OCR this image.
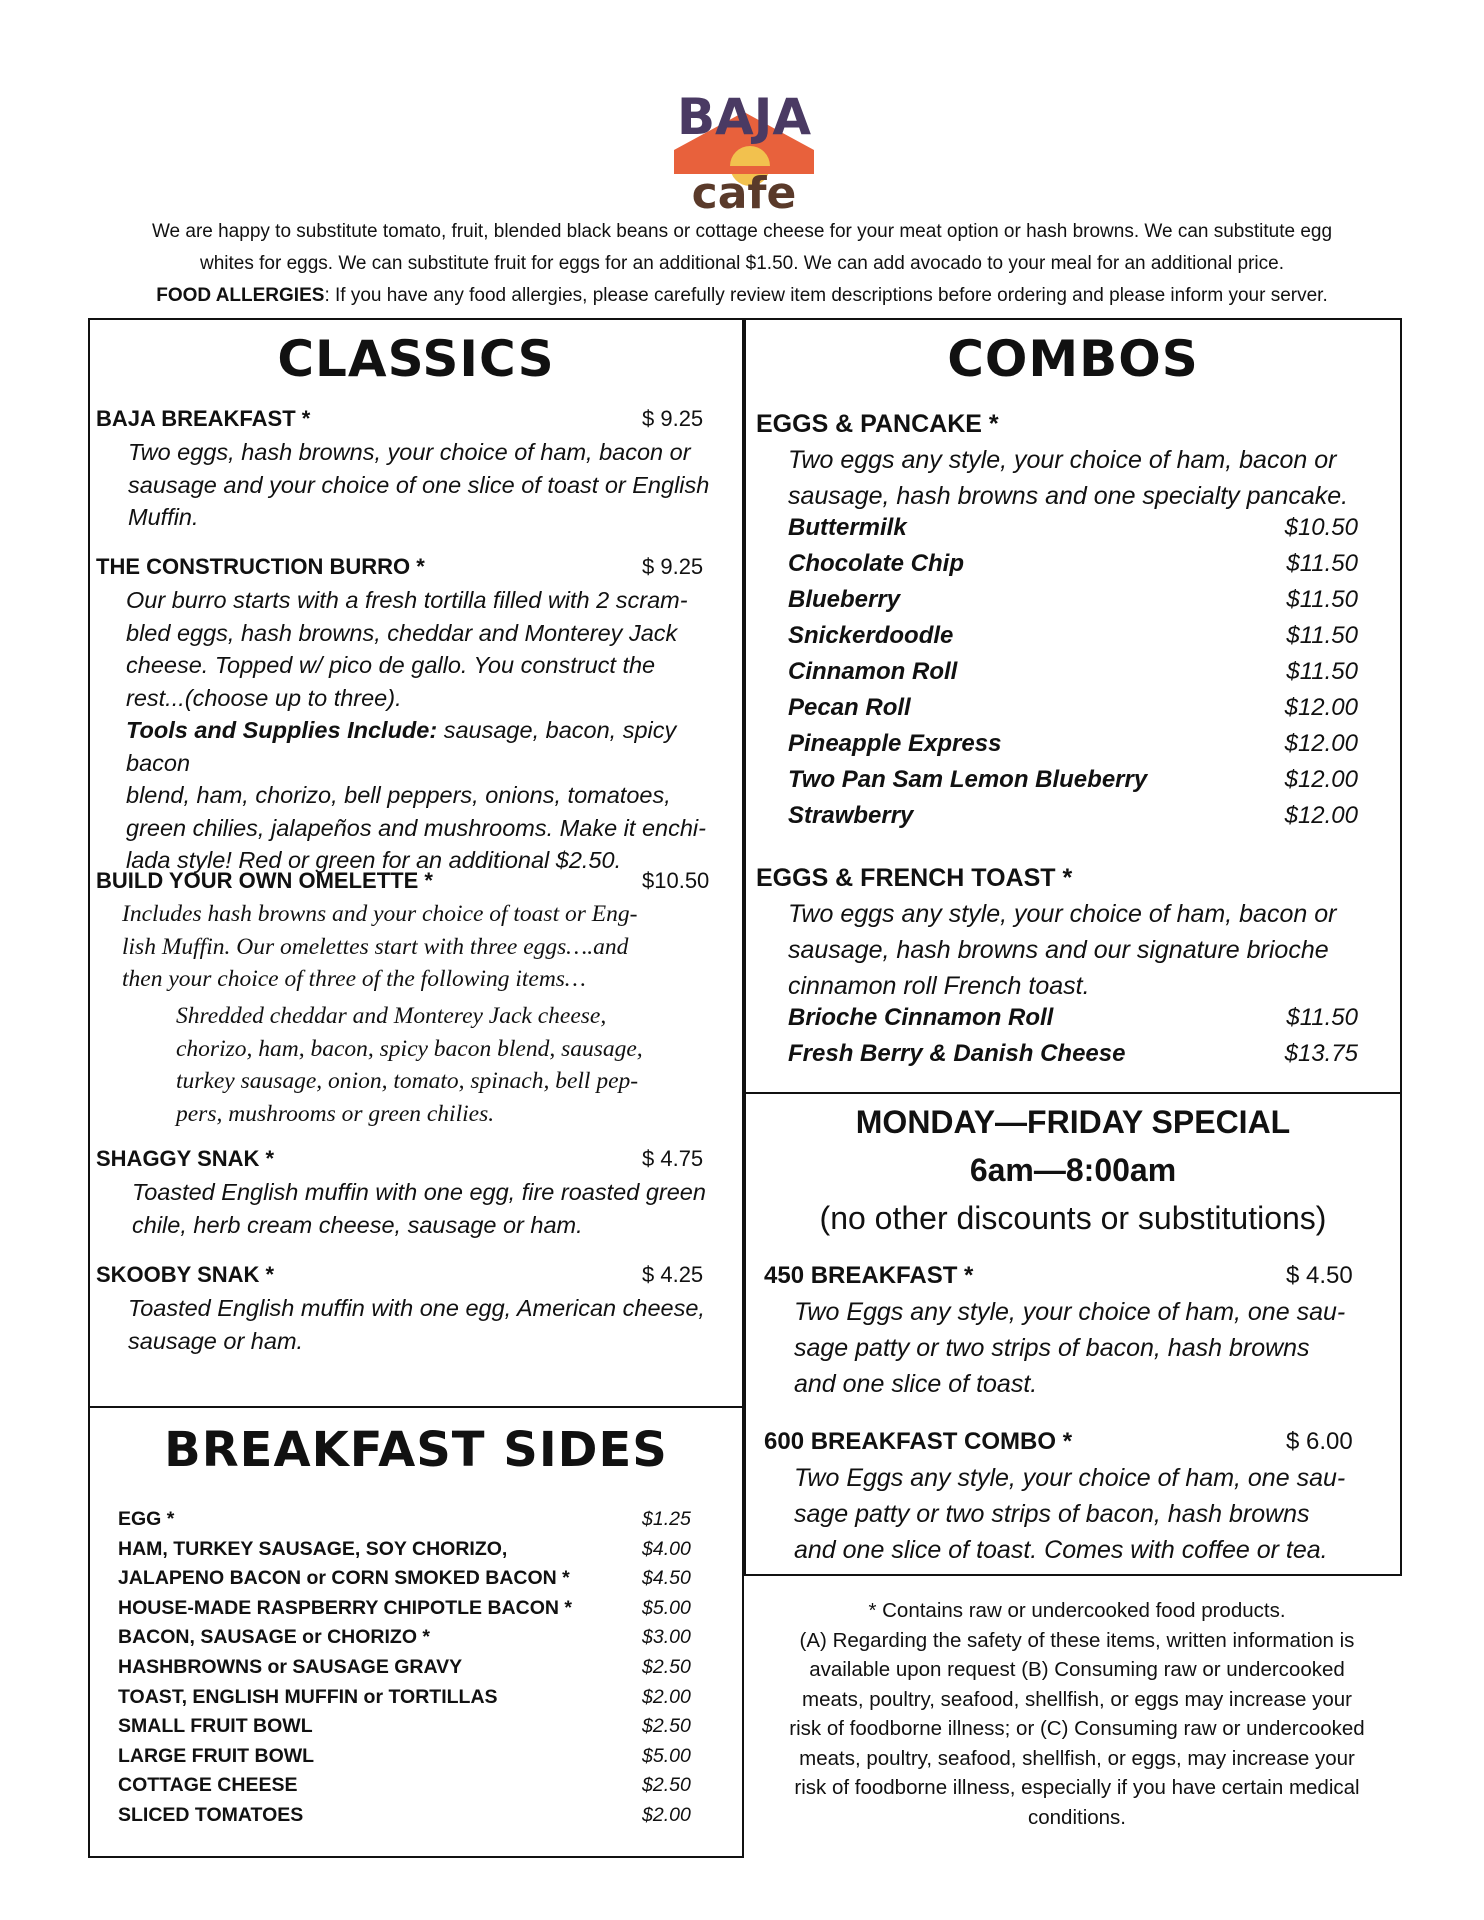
BAJA
cafe
We are happy to substitute tomato, fruit, blended black beans or cottage cheese for your meat option or hash browns. We can substitute egg
whites for eggs. We can substitute fruit for eggs for an additional $1.50. We can add avocado to your meal for an additional price.
FOOD ALLERGIES: If you have any food allergies, please carefully review item descriptions before ordering and please inform your server.
CLASSICS
BAJA BREAKFAST *	$ 9.25
Two eggs, hash browns, your choice of ham, bacon or
sausage and your choice of one slice of toast or English
Muffin.
THE CONSTRUCTION BURRO *	$ 9.25
Our burro starts with a fresh tortilla filled with 2 scram-
bled eggs, hash browns, cheddar and Monterey Jack
cheese. Topped w/ pico de gallo. You construct the
rest...(choose up to three).
Tools and Supplies Include: sausage, bacon, spicy bacon
blend, ham, chorizo, bell peppers, onions, tomatoes,
green chilies, jalapeños and mushrooms. Make it enchi-
lada style! Red or green for an additional $2.50.
BUILD YOUR OWN OMELETTE *	$10.50
Includes hash browns and your choice of toast or Eng-
lish Muffin. Our omelettes start with three eggs….and
then your choice of three of the following items…
Shredded cheddar and Monterey Jack cheese,
chorizo, ham, bacon, spicy bacon blend, sausage,
turkey sausage, onion, tomato, spinach, bell pep-
pers, mushrooms or green chilies.
SHAGGY SNAK *	$ 4.75
Toasted English muffin with one egg, fire roasted green
chile, herb cream cheese, sausage or ham.
SKOOBY SNAK *	$ 4.25
Toasted English muffin with one egg, American cheese,
sausage or ham.
BREAKFAST SIDES
EGG *	$1.25
HAM, TURKEY SAUSAGE, SOY CHORIZO,	$4.00
JALAPENO BACON or CORN SMOKED BACON *	$4.50
HOUSE-MADE RASPBERRY CHIPOTLE BACON *	$5.00
BACON, SAUSAGE or CHORIZO *	$3.00
HASHBROWNS or SAUSAGE GRAVY	$2.50
TOAST, ENGLISH MUFFIN or TORTILLAS	$2.00
SMALL FRUIT BOWL	$2.50
LARGE FRUIT BOWL	$5.00
COTTAGE CHEESE	$2.50
SLICED TOMATOES	$2.00
COMBOS
EGGS & PANCAKE *
Two eggs any style, your choice of ham, bacon or
sausage, hash browns and one specialty pancake.
Buttermilk	$10.50
Chocolate Chip	$11.50
Blueberry	$11.50
Snickerdoodle	$11.50
Cinnamon Roll	$11.50
Pecan Roll	$12.00
Pineapple Express	$12.00
Two Pan Sam Lemon Blueberry	$12.00
Strawberry	$12.00
EGGS & FRENCH TOAST *
Two eggs any style, your choice of ham, bacon or
sausage, hash browns and our signature brioche
cinnamon roll French toast.
Brioche Cinnamon Roll	$11.50
Fresh Berry & Danish Cheese	$13.75
MONDAY—FRIDAY SPECIAL
6am—8:00am
(no other discounts or substitutions)
450 BREAKFAST *	$ 4.50
Two Eggs any style, your choice of ham, one sau-
sage patty or two strips of bacon, hash browns
and one slice of toast.
600 BREAKFAST COMBO *	$ 6.00
Two Eggs any style, your choice of ham, one sau-
sage patty or two strips of bacon, hash browns
and one slice of toast. Comes with coffee or tea.
* Contains raw or undercooked food products.
(A) Regarding the safety of these items, written information is
available upon request (B) Consuming raw or undercooked
meats, poultry, seafood, shellfish, or eggs may increase your
risk of foodborne illness; or (C) Consuming raw or undercooked
meats, poultry, seafood, shellfish, or eggs, may increase your
risk of foodborne illness, especially if you have certain medical
conditions.
